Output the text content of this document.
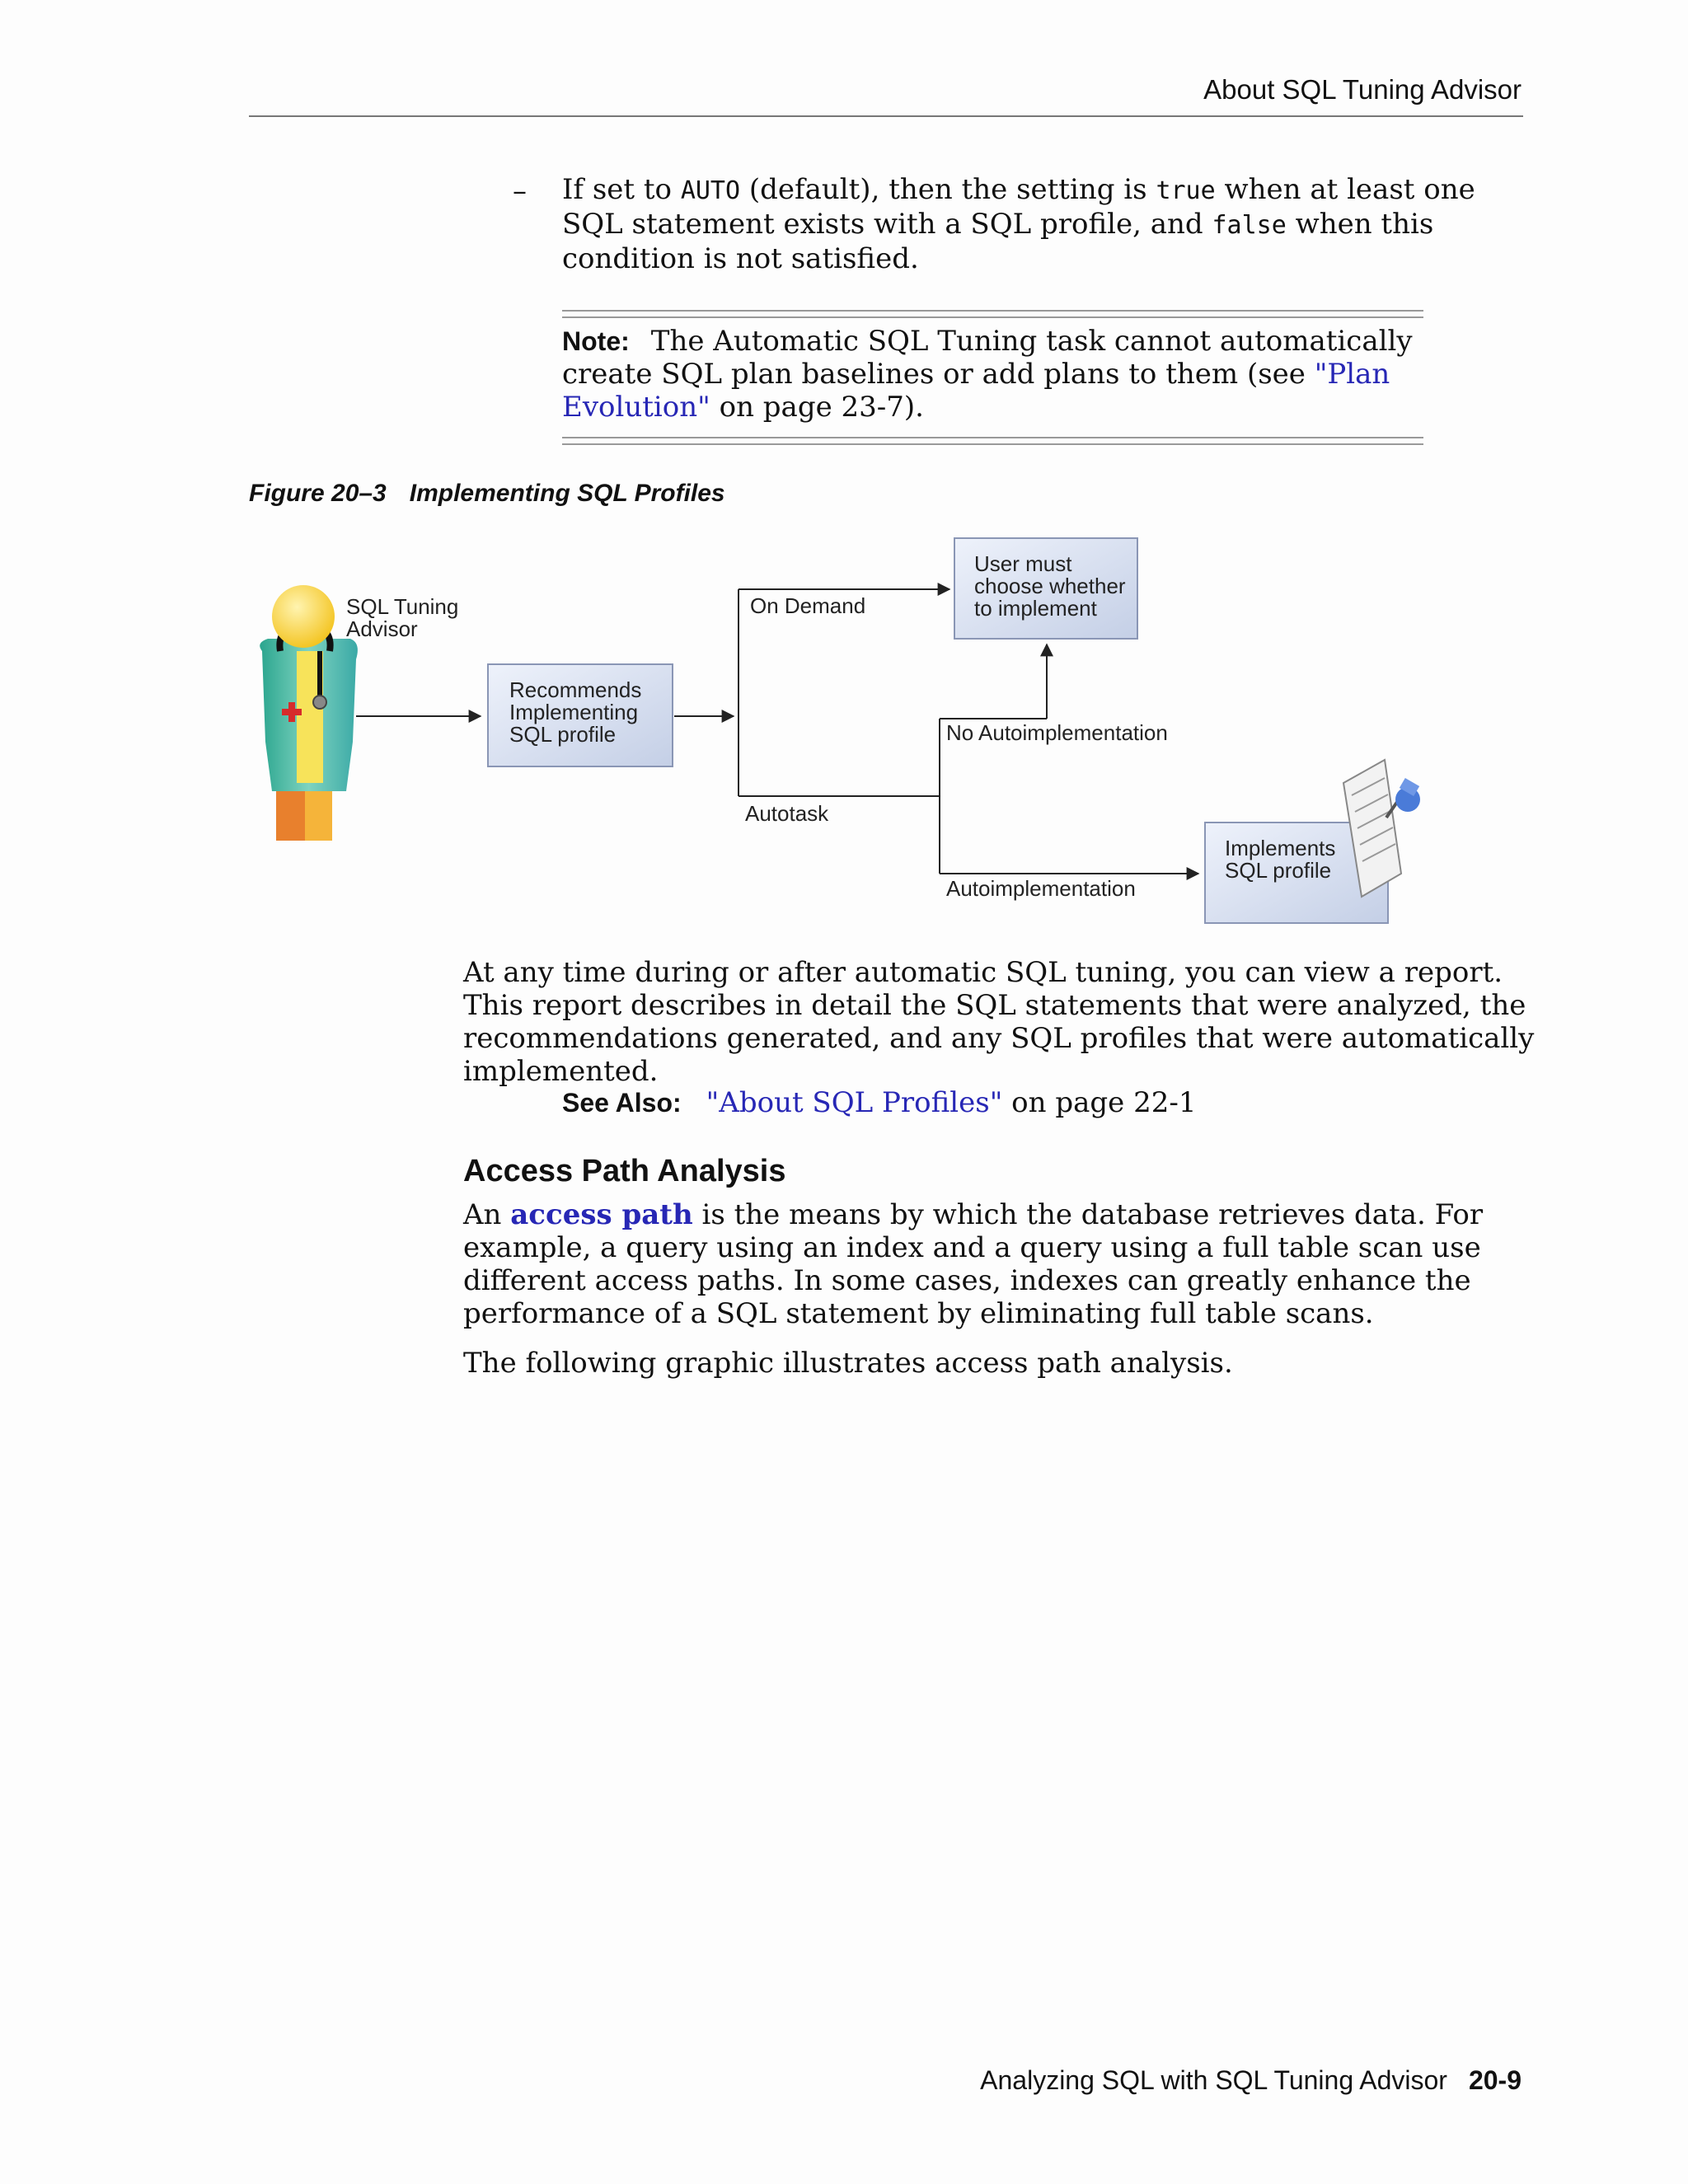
About SQL Tuning Advisor
– If set to AUTO (default), then the setting is true when at least one SQL statement exists with a SQL profile, and false when this condition is not satisfied.
Note: The Automatic SQL Tuning task cannot automatically create SQL plan baselines or add plans to them (see "Plan Evolution" on page 23-7).
Figure 20–3 Implementing SQL Profiles
SQL Tuning
Advisor
Recommends
Implementing
SQL profile
On Demand
User must
choose whether
to implement
Autotask
No Autoimplementation
Autoimplementation
Implements
SQL profile
At any time during or after automatic SQL tuning, you can view a report. This report describes in detail the SQL statements that were analyzed, the recommendations generated, and any SQL profiles that were automatically implemented.
See Also: "About SQL Profiles" on page 22-1
Access Path Analysis
An access path is the means by which the database retrieves data. For example, a query using an index and a query using a full table scan use different access paths. In some cases, indexes can greatly enhance the performance of a SQL statement by eliminating full table scans.
The following graphic illustrates access path analysis.
Analyzing SQL with SQL Tuning Advisor 20-9
